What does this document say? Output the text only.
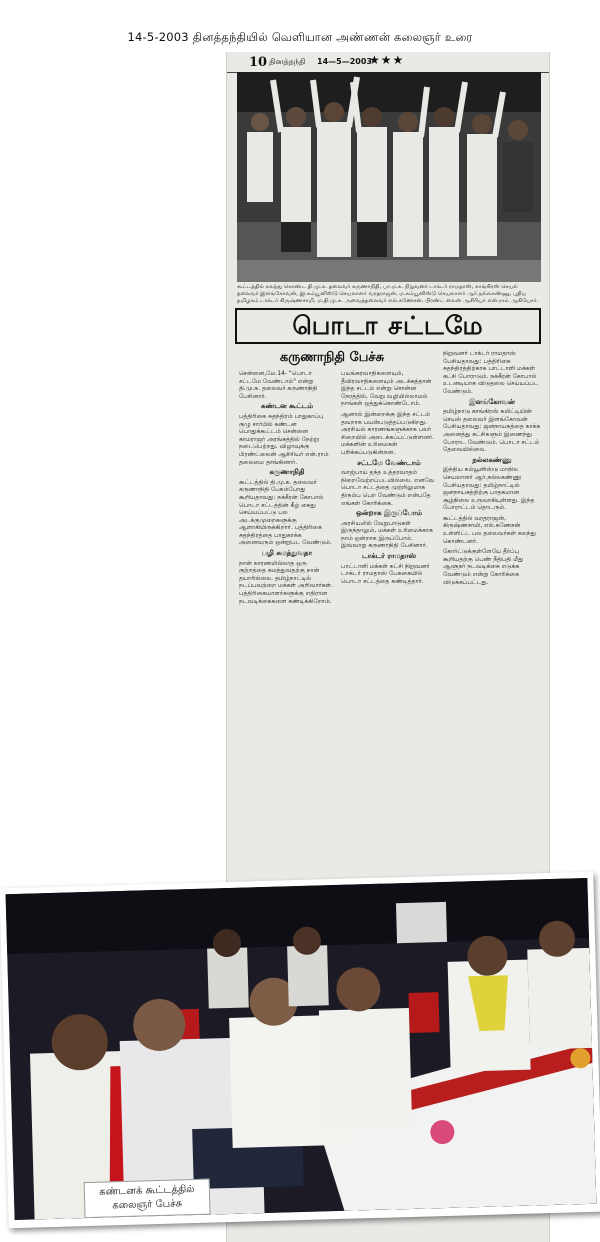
14-5-2003 தினத்தந்தியில் வெளியான அண்ணன் கலைஞர் உரை
10 தினத்தந்தி 14—5—2003
★★★
கூட்டத்தில் கலந்து கொண்ட தி.மு.க. தலைவர் கருணாநிதி, பா.ம.க. நிறுவனர் டாக்டர் ராமதாஸ், காங்கிரஸ் செயல் தலைவர் இளங்கோவன், இ.கம்யூனிஸ்டு செயலாளர் வரதராஜன், ம.கம்யூனிஸ்டு செயலாளர் ஆர்.நல்லகண்ணு, புதிய தமிழகம் டாக்டர் கிருஷ்ணசாமி, ம.தி.மு.க. அவைத்தலைவர் எல்.கணேசன், பிரண்ட் லைன் ஆசிரியர் என்.ராம் ஆகியோர்.
பொடா சட்டமே
கருணாநிதி பேச்சு
சென்னை,மே.14- "பொடா சட்டமே வேண்டாம்" என்று தி.மு.க. தலைவர் கருணாநிதி பேசினார்.
கண்டன கூட்டம்
பத்திரிகை சுதந்திரம் பாதுகாப்பு குழு சார்பில் கண்டன பொதுக்கூட்டம் சென்னை காமராஜர் அரங்கத்தில் நேற்று நடைபெற்றது. விழாவுக்கு பிரண்ட்லைன் ஆசிரியர் என்.ராம் தலைமை தாங்கினார்.
கருணாநிதி
கூட்டத்தில் தி.மு.க. தலைவர் கருணாநிதி பேசும்போது கூறியதாவது: நக்கீரன் கோபால் பொடா சட்டத்தின் கீழ் கைது செய்யப்பட்டு பல அடக்குமுறைகளுக்கு ஆளாகியிருக்கிறார். பத்திரிகை சுதந்திரத்தை பாதுகாக்க அனைவரும் ஒன்றுபட வேண்டும்.
பழி சுமத்துவதா
நான் காரணமில்லாத ஒரு குற்றத்தை சுமத்துவதற்கு நான் தயாரில்லை. தமிழ்நாட்டில் நடப்பவற்றை மக்கள் அறிவார்கள். பத்திரிகையாளர்களுக்கு எதிரான நடவடிக்கைகளை கண்டிக்கிறோம்.
பயங்கரவாதிகளையும், தீவிரவாதிகளையும் அடக்கத்தான் இந்த சட்டம் என்று சொன்ன நேரத்தில், வேறு வழியில்லாமல் நாங்கள் ஒத்துக்கொண்டோம்.
ஆனால் இன்றைக்கு இந்த சட்டம் தவறாக பயன்படுத்தப்படுகிறது. அரசியல் காரணங்களுக்காக பலர் சிறையில் அடைக்கப்பட்டுள்ளனர். மக்களின் உரிமைகள் பறிக்கப்படுகின்றன.
சட்டமே வேண்டாம்
வாஜ்பாய் தந்த உத்தரவாதம் நிறைவேற்றப்படவில்லை. எனவே பொடா சட்டத்தை முற்றிலுமாக திரும்ப பெற வேண்டும் என்பதே எங்கள் கோரிக்கை.
ஒன்றாக இருப்போம்
அரசியலில் வேறுபாடுகள் இருந்தாலும், மக்கள் உரிமைக்காக நாம் ஒன்றாக இருப்போம். இவ்வாறு கருணாநிதி பேசினார்.
டாக்டர் ராமதாஸ்
பாட்டாளி மக்கள் கட்சி நிறுவனர் டாக்டர் ராமதாஸ் பேசுகையில் பொடா சட்டத்தை கண்டித்தார்.
நிறுவனர் டாக்டர் ராமதாஸ் பேசியதாவது: பத்திரிகை சுதந்திரத்திற்காக பாட்டாளி மக்கள் கட்சி போராடும். நக்கீரன் கோபால் உடனடியாக விடுதலை செய்யப்பட வேண்டும்.
இளங்கோவன்
தமிழ்நாடு காங்கிரஸ் கமிட்டியின் செயல் தலைவர் இளங்கோவன் பேசியதாவது: ஜனநாயகத்தை காக்க அனைத்து கட்சிகளும் இணைந்து போராட வேண்டும். பொடா சட்டம் தேவையில்லை.
நல்லகண்ணு
இந்திய கம்யூனிஸ்டு மாநில செயலாளர் ஆர்.நல்லகண்ணு பேசியதாவது: தமிழ்நாட்டில் ஜனநாயகத்திற்கு பாதகமான சூழ்நிலை உருவாகியுள்ளது. இந்த போராட்டம் தொடரும்.
கூட்டத்தில் வரதராஜன், கிருஷ்ணசாமி, எல்.கணேசன் உள்ளிட்ட பல தலைவர்கள் கலந்து கொண்டனர்.
கோர்ட்டுக்குள்ளேயே தீர்ப்பு கூறியதற்கு பெண் நீதிபதி மீது ஆளுநர் நடவடிக்கை எடுக்க வேண்டும் என்று கோரிக்கை விடுக்கப்பட்டது.
கண்டனக் கூட்டத்தில்
கலைஞர் பேச்சு
